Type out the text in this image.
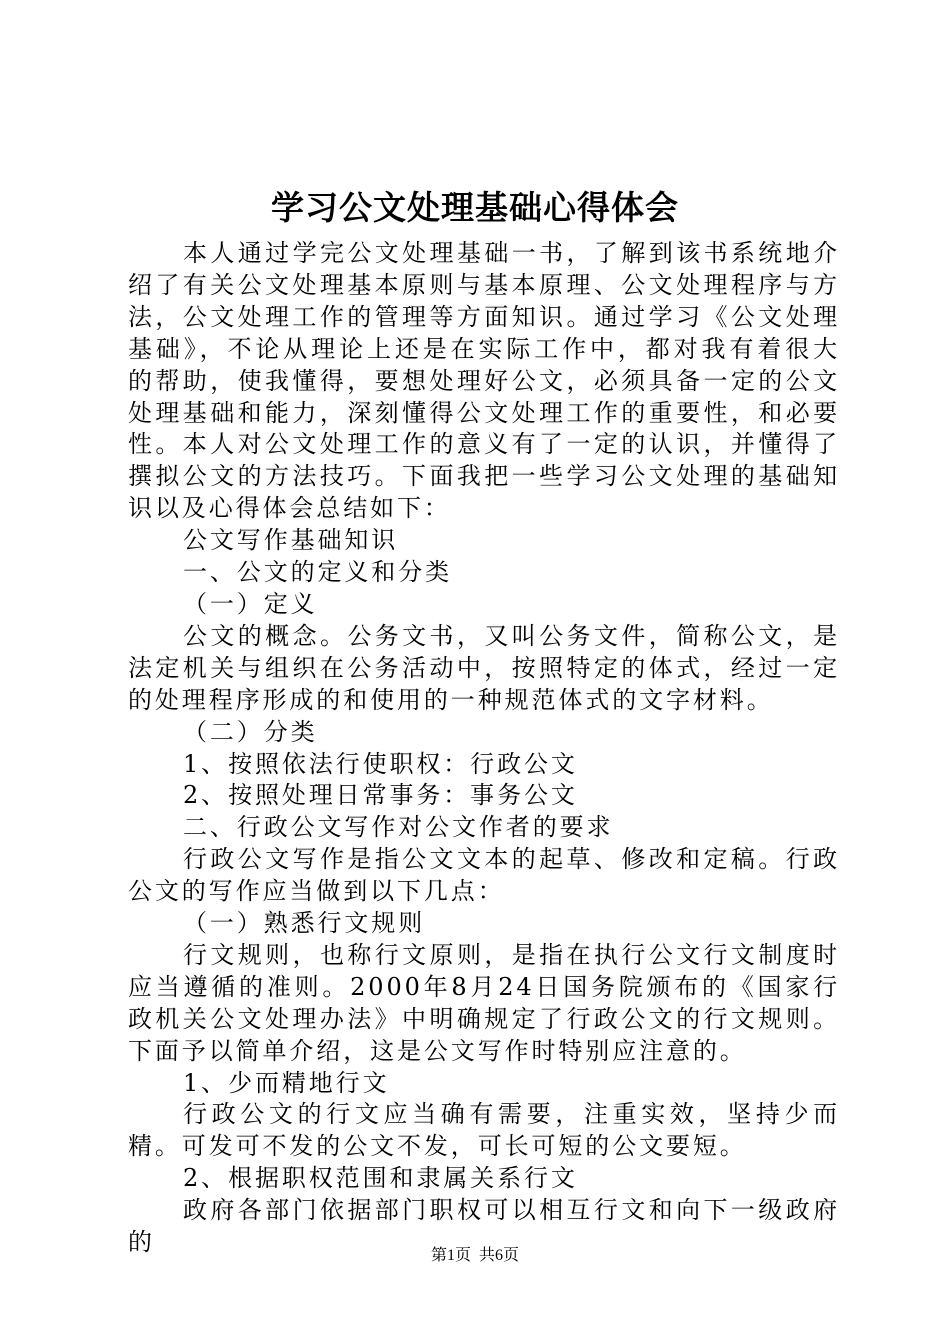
学习公文处理基础心得体会

本人通过学完公文处理基础一书，了解到该书系统地介绍了有关公文处理基本原则与基本原理、公文处理程序与方法，公文处理工作的管理等方面知识。通过学习《公文处理基础》，不论从理论上还是在实际工作中，都对我有着很大的帮助，使我懂得，要想处理好公文，必须具备一定的公文处理基础和能力，深刻懂得公文处理工作的重要性，和必要性。本人对公文处理工作的意义有了一定的认识，并懂得了撰拟公文的方法技巧。下面我把一些学习公文处理的基础知识以及心得体会总结如下：

公文写作基础知识

一、公文的定义和分类

（一）定义

公文的概念。公务文书，又叫公务文件，简称公文，是法定机关与组织在公务活动中，按照特定的体式，经过一定的处理程序形成的和使用的一种规范体式的文字材料。

（二）分类

1、按照依法行使职权：行政公文

2、按照处理日常事务：事务公文

二、行政公文写作对公文作者的要求

行政公文写作是指公文文本的起草、修改和定稿。行政公文的写作应当做到以下几点：

（一）熟悉行文规则

行文规则，也称行文原则，是指在执行公文行文制度时应当遵循的准则。2000年8月24日国务院颁布的《国家行政机关公文处理办法》中明确规定了行政公文的行文规则。下面予以简单介绍，这是公文写作时特别应注意的。

1、少而精地行文

行政公文的行文应当确有需要，注重实效，坚持少而精。可发可不发的公文不发，可长可短的公文要短。

2、根据职权范围和隶属关系行文

政府各部门依据部门职权可以相互行文和向下一级政府的	第1页 共6页
